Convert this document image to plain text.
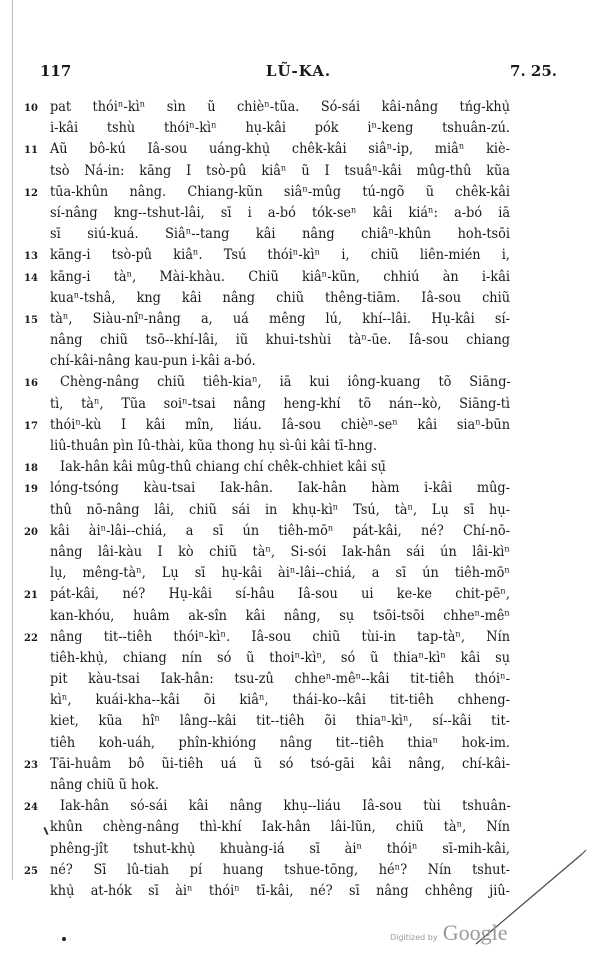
117	LŨ-KA.	7. 25.
10 pat thóiⁿ-kìⁿ sìn ũ chièⁿ-tũa. Só-sái kâi-nâng tńg-khụ̀
i-kâi tshù thóiⁿ-kìⁿ hụ-kâi pók iⁿ-keng tshuân-zú.
11 Aũ bô-kú Iâ-sou uáng-khụ̀ chêk-kâi siâⁿ-ip, miâⁿ kiè-
tsò Ná-in: kāng I tsò-pû kiâⁿ ũ I tsuâⁿ-kâi mûg-thû kũa
12 tūa-khûn nâng. Chiang-kũn siâⁿ-mûg tú-ngõ ũ chêk-kâi
sí-nâng kng--tshut-lâi, sī i a-bó tók-seⁿ kâi kiáⁿ: a-bó iā
sī siú-kuá. Siâⁿ--tang kâi nâng chiâⁿ-khûn hoh-tsōi
13 kāng-i tsò-pû kiâⁿ. Tsú thóiⁿ-kìⁿ i, chiũ liên-mién i,
14 kāng-i tàⁿ, Mài-khàu. Chiũ kiâⁿ-kũn, chhiú àn i-kâi
kuaⁿ-tshâ, kng kâi nâng chiũ thêng-tiām. Iâ-sou chiũ
15 tàⁿ, Siàu-nîⁿ-nâng a, uá mêng lú, khí--lâi. Hụ-kâi sí-
nâng chiũ tsō--khí-lâi, iũ khui-tshùi tàⁿ-ūe. Iâ-sou chiang
chí-kâi-nâng kau-pun i-kâi a-bó.
16 Chèng-nâng chiũ tiêh-kiaⁿ, iā kui iông-kuang tõ Siāng-
tì, tàⁿ, Tũa soiⁿ-tsai nâng heng-khí tõ nán--kò, Siāng-tì
17 thóiⁿ-kù I kâi mîn, liáu. Iâ-sou chièⁿ-seⁿ kâi siaⁿ-būn
liû-thuân pìn Iû-thài, kũa thong hụ sì-ûi kâi tī-hng.
18 Iak-hân kâi mûg-thû chiang chí chêk-chhiet kâi sụ̄
19 lóng-tsóng kàu-tsai Iak-hân. Iak-hân hàm i-kâi mûg-
thû nō-nâng lâi, chiũ sái in khụ-kìⁿ Tsú, tàⁿ, Lụ sī hụ-
20 kâi àiⁿ-lâi--chiá, a sī ún tiêh-mōⁿ pát-kâi, né? Chí-nō-
nâng lâi-kàu I kò chiũ tàⁿ, Si-sói Iak-hân sái ún lâi-kìⁿ
lụ, mêng-tàⁿ, Lụ sī hụ-kâi àiⁿ-lâi--chiá, a sī ún tiêh-mōⁿ
21 pát-kâi, né? Hụ-kâi sí-hâu Iâ-sou ui ke-ke chit-pēⁿ,
kan-khóu, huâm ak-sîn kâi nâng, sụ tsōi-tsōi chheⁿ-mêⁿ
22 nâng tit--tiêh thóiⁿ-kìⁿ. Iâ-sou chiũ tùi-in tap-tàⁿ, Nín
tiêh-khụ̀, chiang nín só ũ thoiⁿ-kìⁿ, só ũ thiaⁿ-kìⁿ kâi sụ
pit kàu-tsai Iak-hân: tsu-zû chheⁿ-mêⁿ--kâi tit-tiêh thóiⁿ-
kìⁿ, kuái-kha--kâi õi kiâⁿ, thái-ko--kâi tit-tiêh chheng-
kiet, kũa hîⁿ lâng--kâi tit--tiêh õi thiaⁿ-kìⁿ, sí--kâi tit-
tiêh koh-uáh, phîn-khióng nâng tit--tiêh thiaⁿ hok-im.
23 Tāi-huâm bô ũi-tiêh uá ũ só tsó-gāi kâi nâng, chí-kâi-
nâng chiũ ũ hok.
24 Iak-hân só-sái kâi nâng khụ--liáu Iâ-sou tùi tshuân-
khûn chèng-nâng thì-khí Iak-hân lâi-lũn, chiũ tàⁿ, Nín
phêng-jît tshut-khụ̀ khuàng-iá sī àiⁿ thóiⁿ sī-mih-kâi,
25 né? Sī lû-tiah pí huang tshue-tōng, héⁿ? Nín tshut-
khụ̀ at-hók sī àiⁿ thóiⁿ tī-kâi, né? sī nâng chhêng jiû-
Digitized by Google
